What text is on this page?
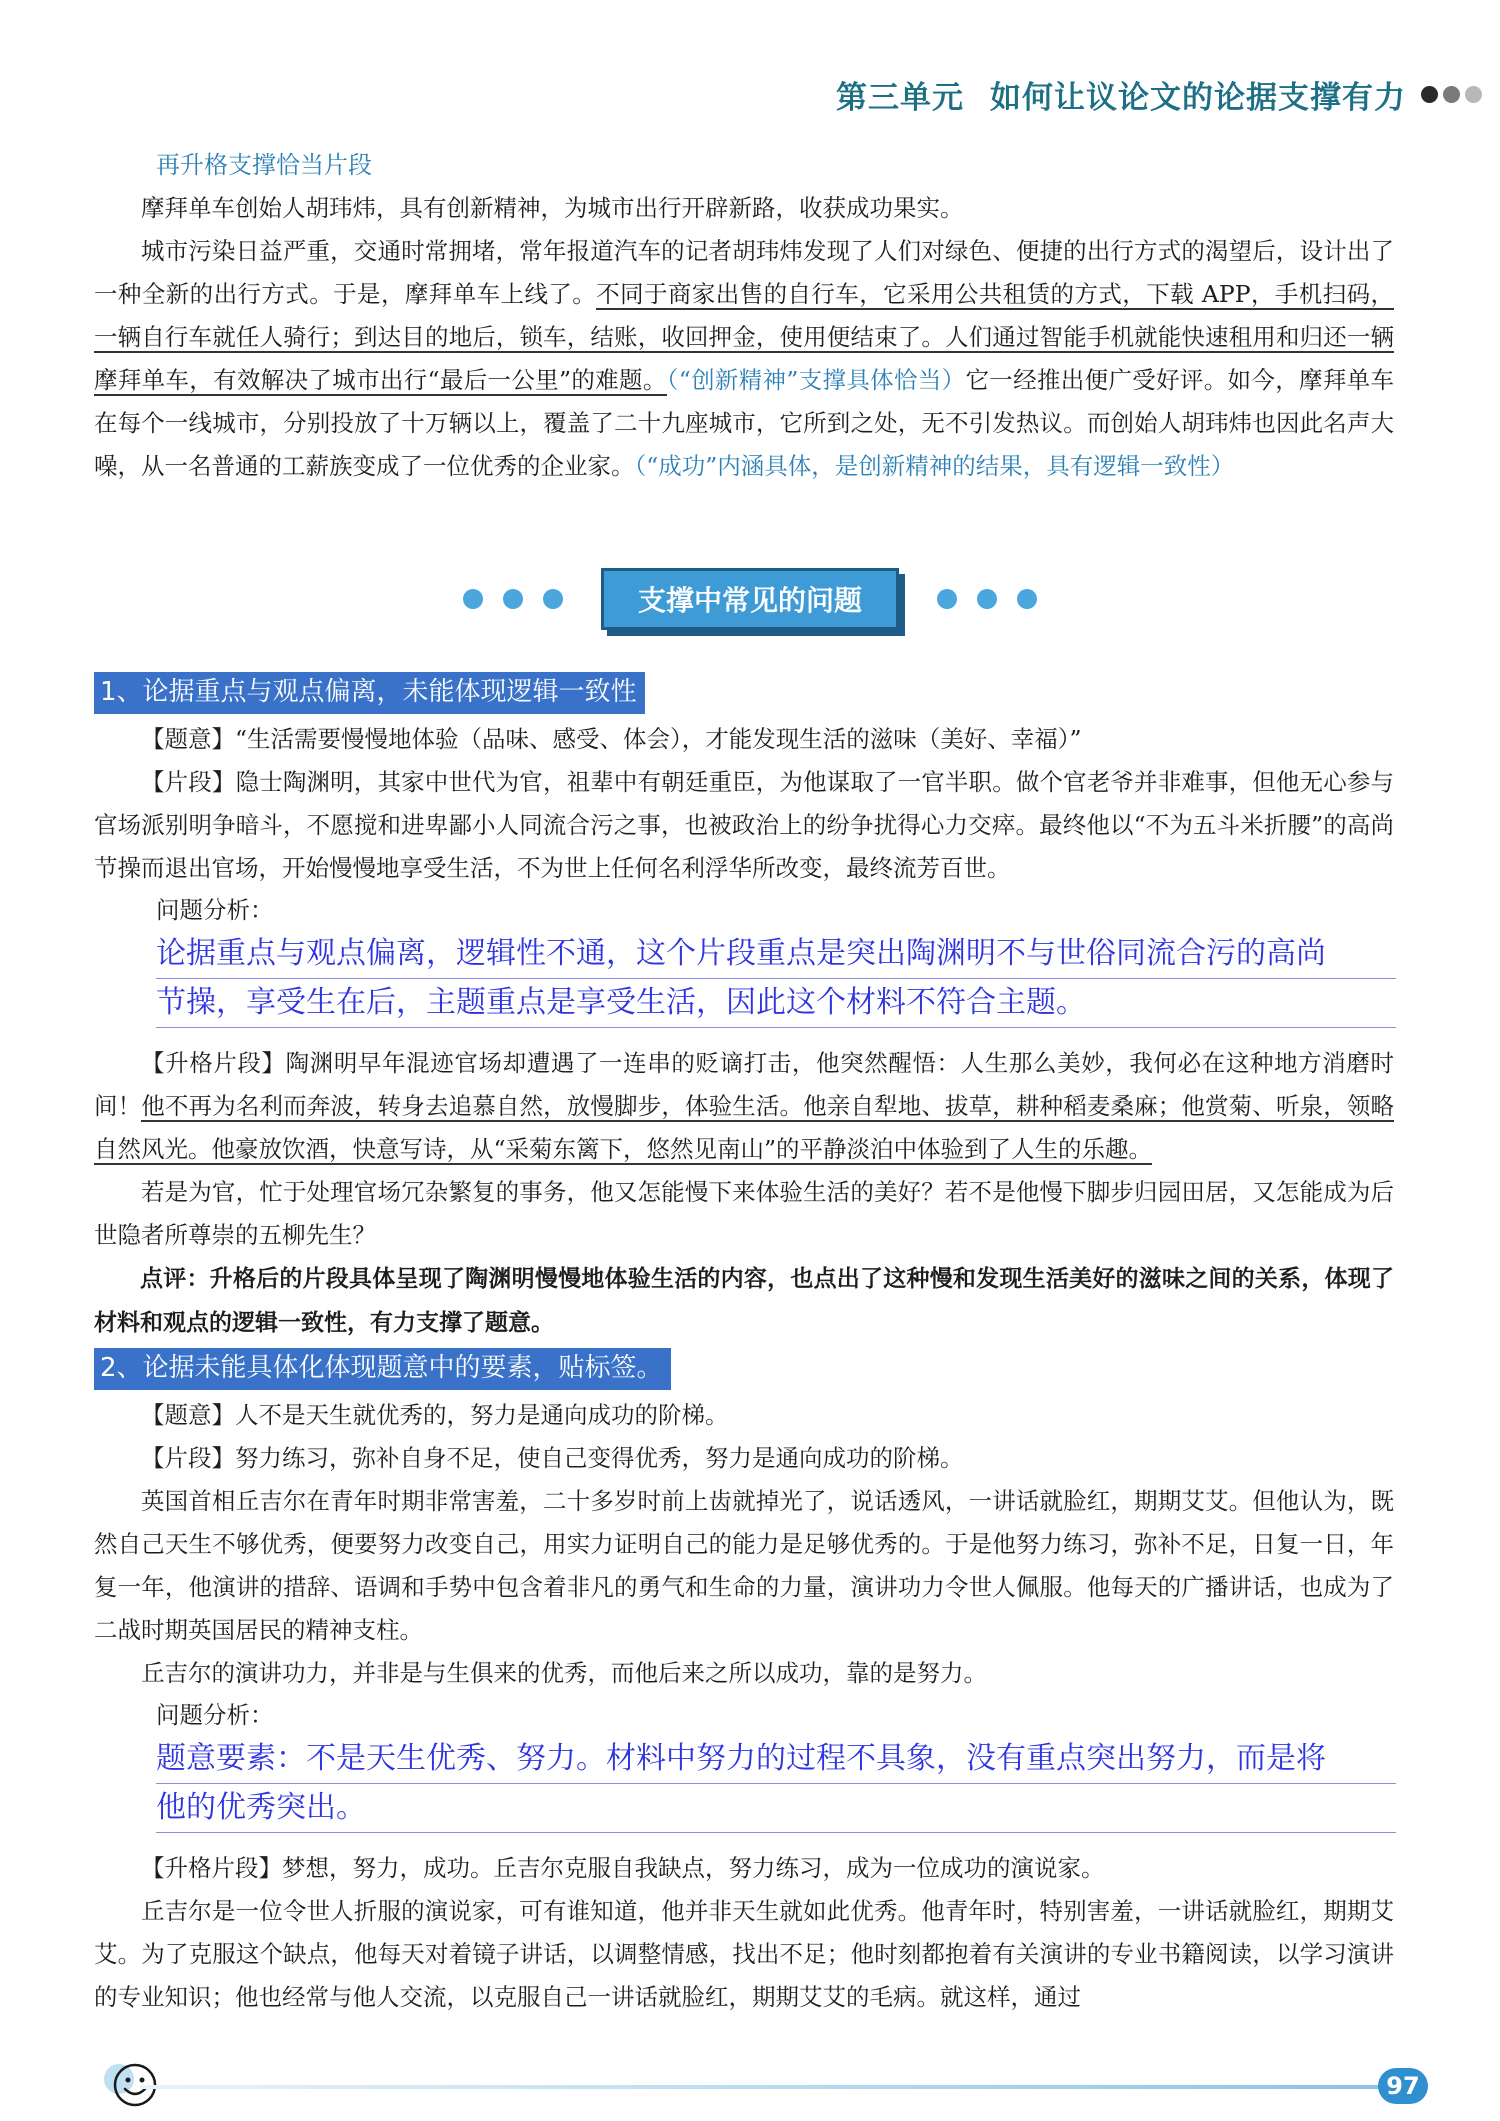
第三单元 如何让议论文的论据支撑有力

再升格支撑恰当片段

摩拜单车创始人胡玮炜，具有创新精神，为城市出行开辟新路，收获成功果实。

城市污染日益严重，交通时常拥堵，常年报道汽车的记者胡玮炜发现了人们对绿色、便捷的出行方式的渴望后，设计出了一种全新的出行方式。于是，摩拜单车上线了。不同于商家出售的自行车，它采用公共租赁的方式，下载 APP，手机扫码，一辆自行车就任人骑行；到达目的地后，锁车，结账，收回押金，使用便结束了。人们通过智能手机就能快速租用和归还一辆摩拜单车，有效解决了城市出行“最后一公里”的难题。（“创新精神”支撑具体恰当）它一经推出便广受好评。如今，摩拜单车在每个一线城市，分别投放了十万辆以上，覆盖了二十九座城市，它所到之处，无不引发热议。而创始人胡玮炜也因此名声大噪，从一名普通的工薪族变成了一位优秀的企业家。（“成功”内涵具体，是创新精神的结果，具有逻辑一致性）

支撑中常见的问题
1、论据重点与观点偏离，未能体现逻辑一致性

【题意】“生活需要慢慢地体验（品味、感受、体会），才能发现生活的滋味（美好、幸福）”

【片段】隐士陶渊明，其家中世代为官，祖辈中有朝廷重臣，为他谋取了一官半职。做个官老爷并非难事，但他无心参与官场派别明争暗斗，不愿搅和进卑鄙小人同流合污之事，也被政治上的纷争扰得心力交瘁。最终他以“不为五斗米折腰”的高尚节操而退出官场，开始慢慢地享受生活，不为世上任何名利浮华所改变，最终流芳百世。

问题分析：

论据重点与观点偏离，逻辑性不通，这个片段重点是突出陶渊明不与世俗同流合污的高尚
节操，享受生在后，主题重点是享受生活，因此这个材料不符合主题。

【升格片段】陶渊明早年混迹官场却遭遇了一连串的贬谪打击，他突然醒悟：人生那么美妙，我何必在这种地方消磨时间！他不再为名利而奔波，转身去追慕自然，放慢脚步，体验生活。他亲自犁地、拔草，耕种稻麦桑麻；他赏菊、听泉，领略自然风光。他豪放饮酒，快意写诗，从“采菊东篱下，悠然见南山”的平静淡泊中体验到了人生的乐趣。

若是为官，忙于处理官场冗杂繁复的事务，他又怎能慢下来体验生活的美好？若不是他慢下脚步归园田居，又怎能成为后世隐者所尊崇的五柳先生？

点评：升格后的片段具体呈现了陶渊明慢慢地体验生活的内容，也点出了这种慢和发现生活美好的滋味之间的关系，体现了材料和观点的逻辑一致性，有力支撑了题意。

2、论据未能具体化体现题意中的要素，贴标签。

【题意】人不是天生就优秀的，努力是通向成功的阶梯。

【片段】努力练习，弥补自身不足，使自己变得优秀，努力是通向成功的阶梯。

英国首相丘吉尔在青年时期非常害羞，二十多岁时前上齿就掉光了，说话透风，一讲话就脸红，期期艾艾。但他认为，既然自己天生不够优秀，便要努力改变自己，用实力证明自己的能力是足够优秀的。于是他努力练习，弥补不足，日复一日，年复一年，他演讲的措辞、语调和手势中包含着非凡的勇气和生命的力量，演讲功力令世人佩服。他每天的广播讲话，也成为了二战时期英国居民的精神支柱。

丘吉尔的演讲功力，并非是与生俱来的优秀，而他后来之所以成功，靠的是努力。

问题分析：

题意要素：不是天生优秀、努力。材料中努力的过程不具象，没有重点突出努力，而是将
他的优秀突出。

【升格片段】梦想，努力，成功。丘吉尔克服自我缺点，努力练习，成为一位成功的演说家。

丘吉尔是一位令世人折服的演说家，可有谁知道，他并非天生就如此优秀。他青年时，特别害羞，一讲话就脸红，期期艾艾。为了克服这个缺点，他每天对着镜子讲话，以调整情感，找出不足；他时刻都抱着有关演讲的专业书籍阅读，以学习演讲的专业知识；他也经常与他人交流，以克服自己一讲话就脸红，期期艾艾的毛病。就这样，通过

97
